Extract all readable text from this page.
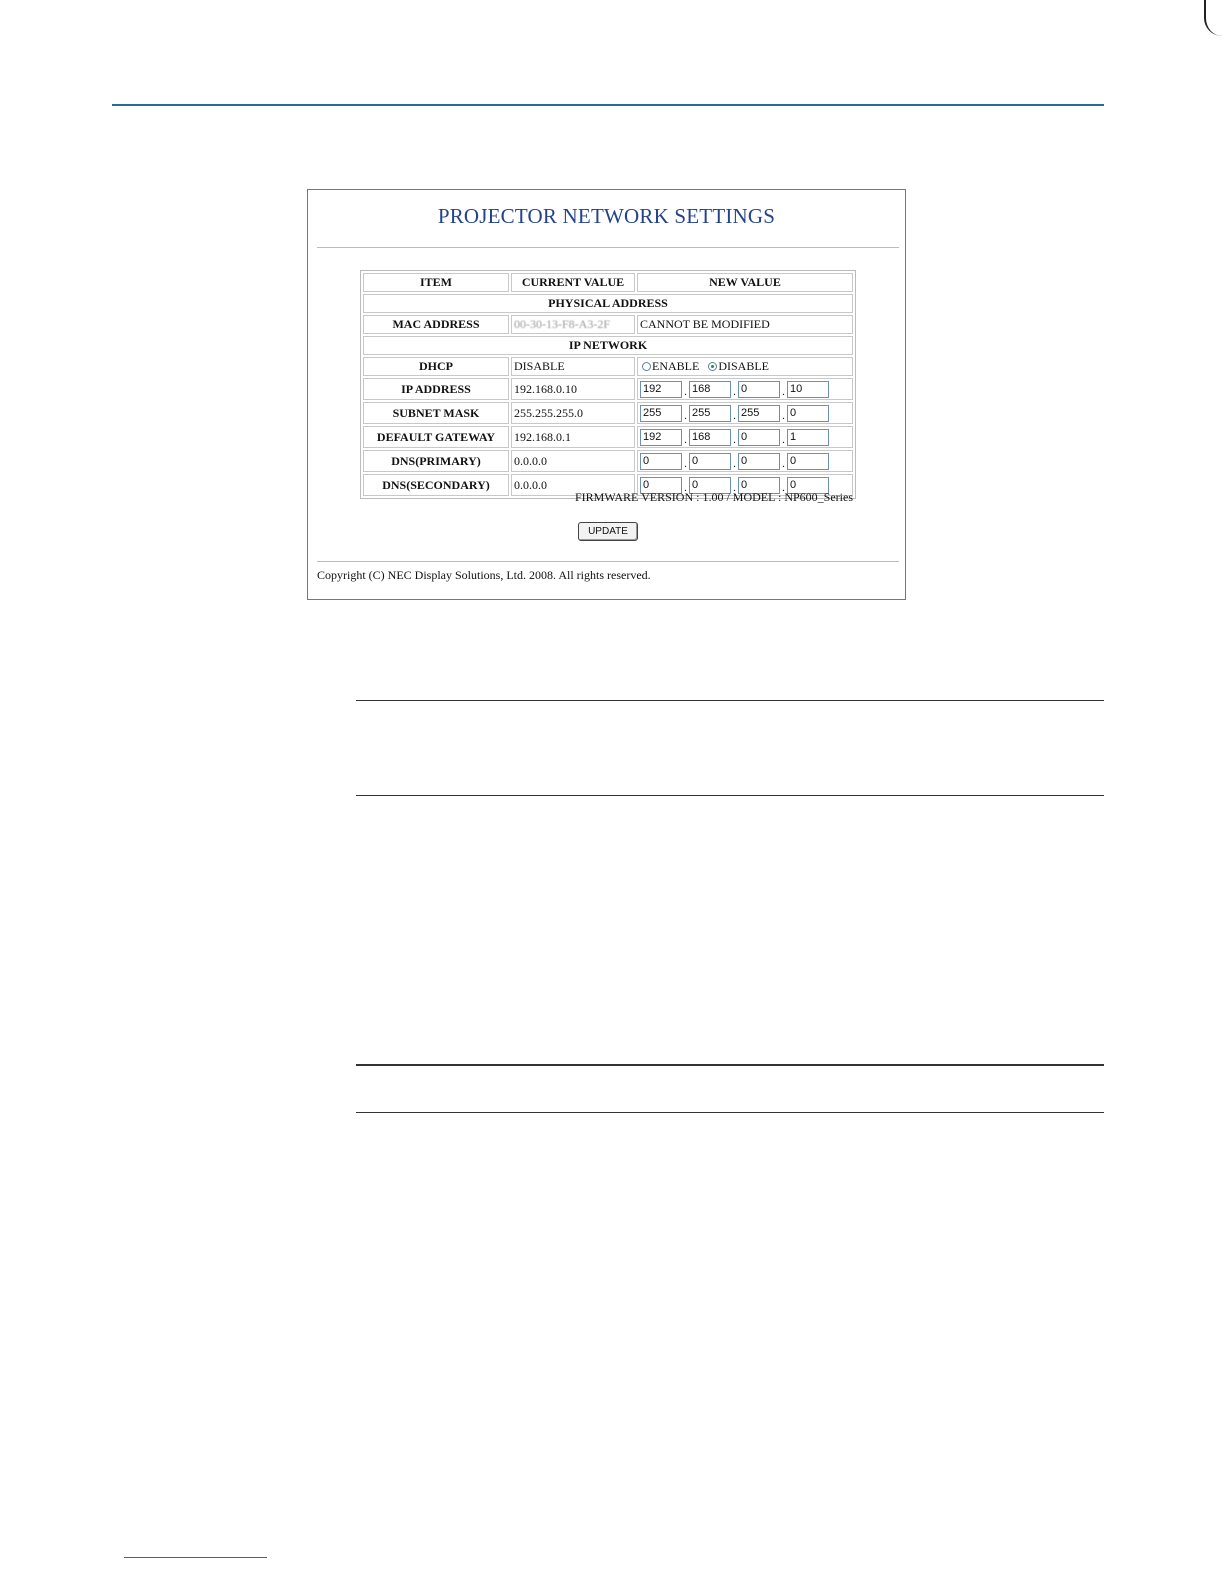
PROJECTOR NETWORK SETTINGS
ITEM	CURRENT VALUE	NEW VALUE
PHYSICAL ADDRESS		
MAC ADDRESS	00-30-13-F8-A3-2F	CANNOT BE MODIFIED
IP NETWORK		
DHCP	DISABLE	ENABLE DISABLE
IP ADDRESS	192.168.0.10	192 . 168 . 0 . 10
SUBNET MASK	255.255.255.0	255 . 255 . 255 . 0
DEFAULT GATEWAY	192.168.0.1	192 . 168 . 0 . 1
DNS(PRIMARY)	0.0.0.0	0 . 0 . 0 . 0
DNS(SECONDARY)	0.0.0.0	0 . 0 . 0 . 0
FIRMWARE VERSION : 1.00 / MODEL : NP600_Series
UPDATE
Copyright (C) NEC Display Solutions, Ltd. 2008. All rights reserved.
